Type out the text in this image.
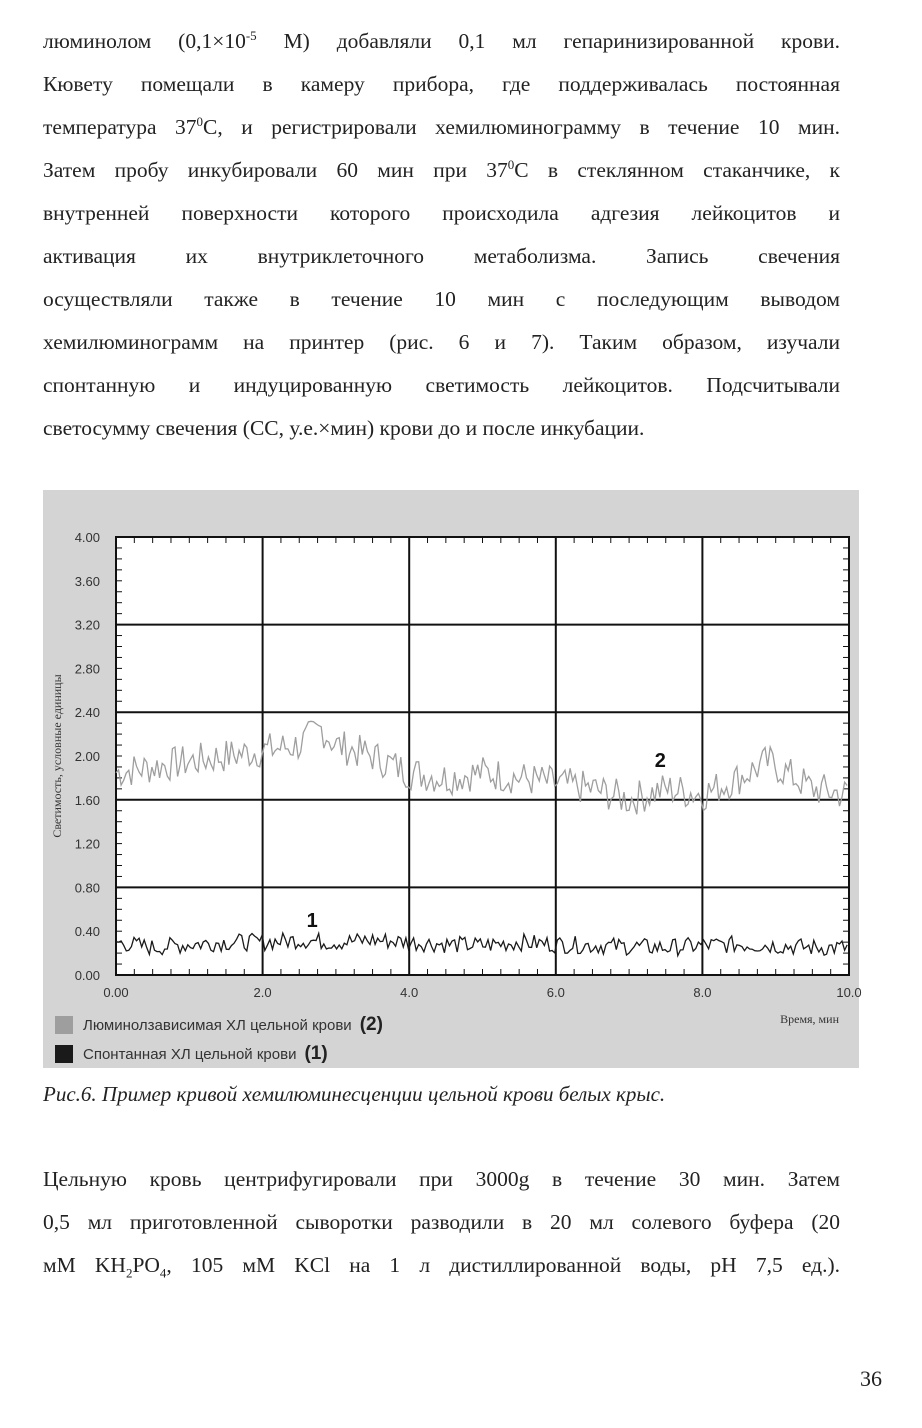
люминолом ($0,1\times 10^{-5}$ М) добавляли 0,1 мл гепаринизированной крови.
Кювету помещали в камеру прибора, где поддерживалась постоянная
температура $37^0С$, и регистрировали хемилюминограмму в течение 10 мин.
Затем пробу инкубировали 60 мин при $37^0С$ в стеклянном стаканчике, к
внутренней поверхности которого происходила адгезия лейкоцитов и
активация их внутриклеточного метаболизма. Запись свечения
осуществляли также в течение 10 мин с последующим выводом
хемилюминограмм на принтер (рис. 6 и 7). Таким образом, изучали
спонтанную и индуцированную светимость лейкоцитов. Подсчитывали
светосумму свечения (СС, у.е.×мин) крови до и после инкубации.
0.00
0.40
0.80
1.20
1.60
2.00
2.40
2.80
3.20
3.60
4.00
0.00	2.0	4.0	6.0	8.0	10.0
Светимость, условные единицы
1
2
Люминолзависимая ХЛ цельной крови (2)
Спонтанная ХЛ цельной крови (1)
Время, мин
Рис.6. Пример кривой хемилюминесценции цельной крови белых крыс.
Цельную кровь центрифугировали при 3000g в течение 30 мин. Затем
0,5 мл приготовленной сыворотки разводили в 20 мл солевого буфера (20
мМ $KH_2PO_4$, 105 мМ KCl на 1 л дистиллированной воды, pH 7,5 ед.).
36
